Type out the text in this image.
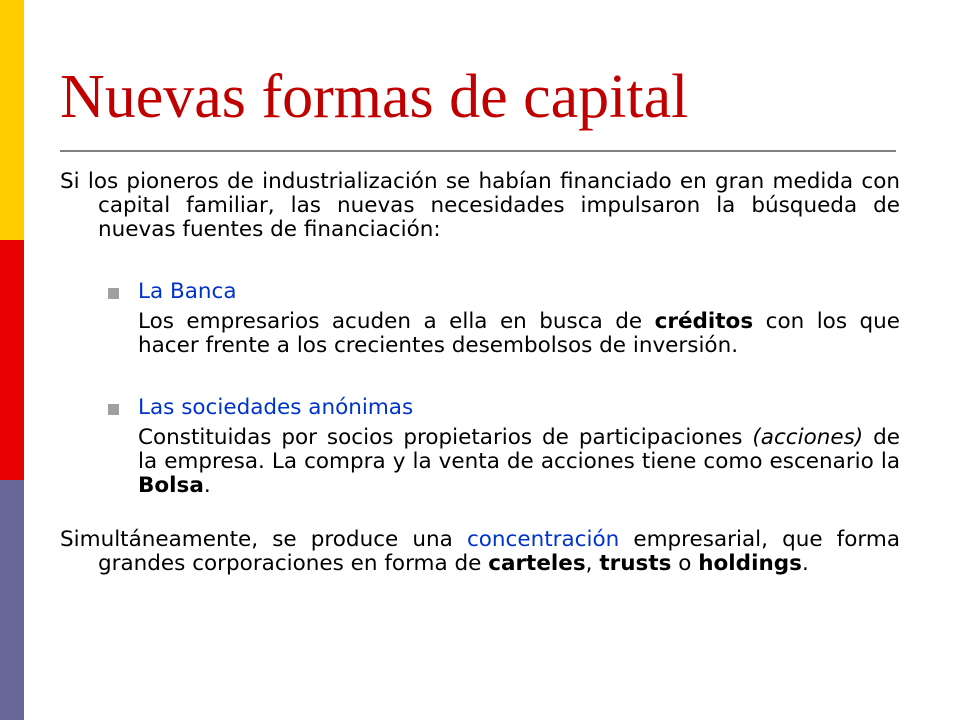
Nuevas formas de capital

Si los pioneros de industrialización se habían financiado en gran medida con capital familiar, las nuevas necesidades impulsaron la búsqueda de nuevas fuentes de financiación:

La Banca

Los empresarios acuden a ella en busca de créditos con los que hacer frente a los crecientes desembolsos de inversión.

Las sociedades anónimas

Constituidas por socios propietarios de participaciones (acciones) de la empresa. La compra y la venta de acciones tiene como escenario la Bolsa.

Simultáneamente, se produce una concentración empresarial, que forma grandes corporaciones en forma de carteles, trusts o holdings.
